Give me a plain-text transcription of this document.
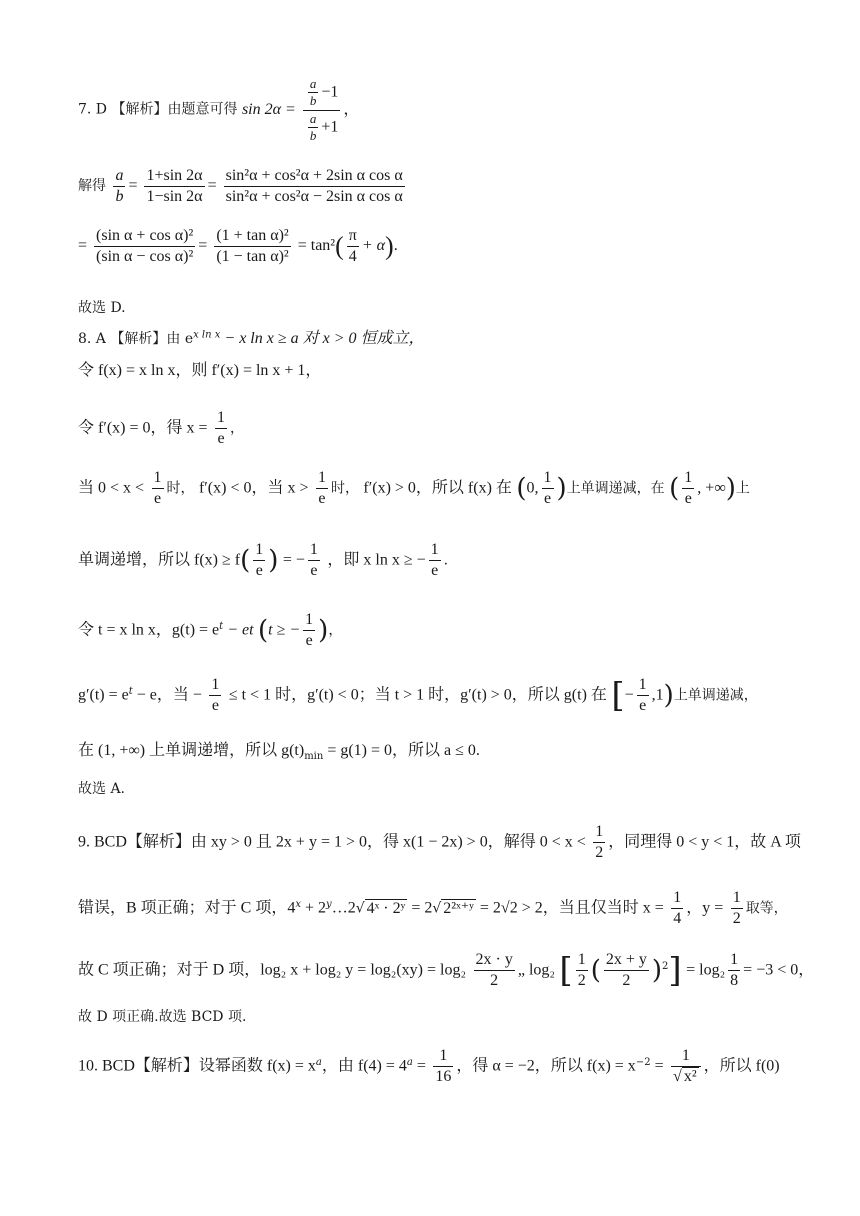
7. D 【解析】由题意可得 $\sin 2\alpha = \frac{\frac{a}{b} -1}{\frac{a}{b} +1}$ ，
解得 $\frac{a}{b} = \frac{1+\sin 2\alpha}{1-\sin 2\alpha} = \frac{\text{sin²α + cos²α + 2sin α cos α}}{\text{sin²α + cos²α − 2sin α cos α}}$
= $\frac{\text{(sin α + cos α)²}}{\text{(sin α − cos α)²}} = \frac{\text{(1 + tan α)²}}{\text{(1 − tan α)²}} = \tan^2( \frac{\pi}{4} + \alpha)$.
故选 D.
8. A 【解析】由 $e^{x ln x} - x$ ln x ≥ a 对 x > 0 恒成立，
令 f(x) = x ln x，则 f′(x) = ln x + 1，
令 f′(x) = 0，得 $x = \frac{1}{e}$ ，
当 $0 < x < \frac{1}{e}$ 时， f′(x) < 0，当 $x > \frac{1}{e}$ 时， f′(x) > 0，所以 f(x) 在 (0, $\frac{1}{e}$ )上单调递减，在 ( $\frac{1}{e}$ , +∞)上
单调递增，所以 $f(x) \ge f( \frac{1}{e}$ ) = − $\frac{1}{e}$ ，即 x ln x ≥ − $\frac{1}{e}$ .
令 t = x ln x，$g(t) = e^t$ − et (t ≥ − $\frac{1}{e}$ )，
$g'(t) = e^t - e$，当 − $\frac{1}{e} \le t < 1$ 时，g′(t) < 0；当 t > 1 时，g′(t) > 0，所以 g(t) 在 [− $\frac{1}{e} ,1$)上单调递减，
在 (1, +∞) 上单调递增，所以 $g(t)_{min} = g(1) = 0$，所以 a ≤ 0.
故选 A.
9. BCD【解析】由 xy > 0 且 2x + y = 1 > 0，得 x(1 − 2x) > 0，解得 $0 < x < \frac{1}{2}$ ，同理得 0 < y < 1，故 A 项
错误，B 项正确；对于 C 项，$4^x$ + $2^y\dots 2√$ 4ˣ · 2ʸ = 2√ 2²ˣ⁺ʸ = 2√2 > 2，当且仅当时 $x = \frac{1}{4}$ ，$y = \frac{1}{2}$ 取等，
故 C 项正确；对于 D 项，log₂ x + log₂ $y = \log_2(xy) = \log_2 \frac{2x \cdot y}{2}$ „ log₂ [ $\frac{1}{2}$ ( $\frac{2x + y}{2} )^2] = \log_2 \frac{1}{8} = -3 < 0$，
故 D 项正确.故选 BCD 项.
10. BCD【解析】设幂函数 $f(x) = x^a$，由 $f(4) = 4^a = \frac{1}{16}$ ，得 α = −2，所以 $f(x) = x^{-2} = \frac{1}{\text{√ x²}}$ ，所以 f(0)
